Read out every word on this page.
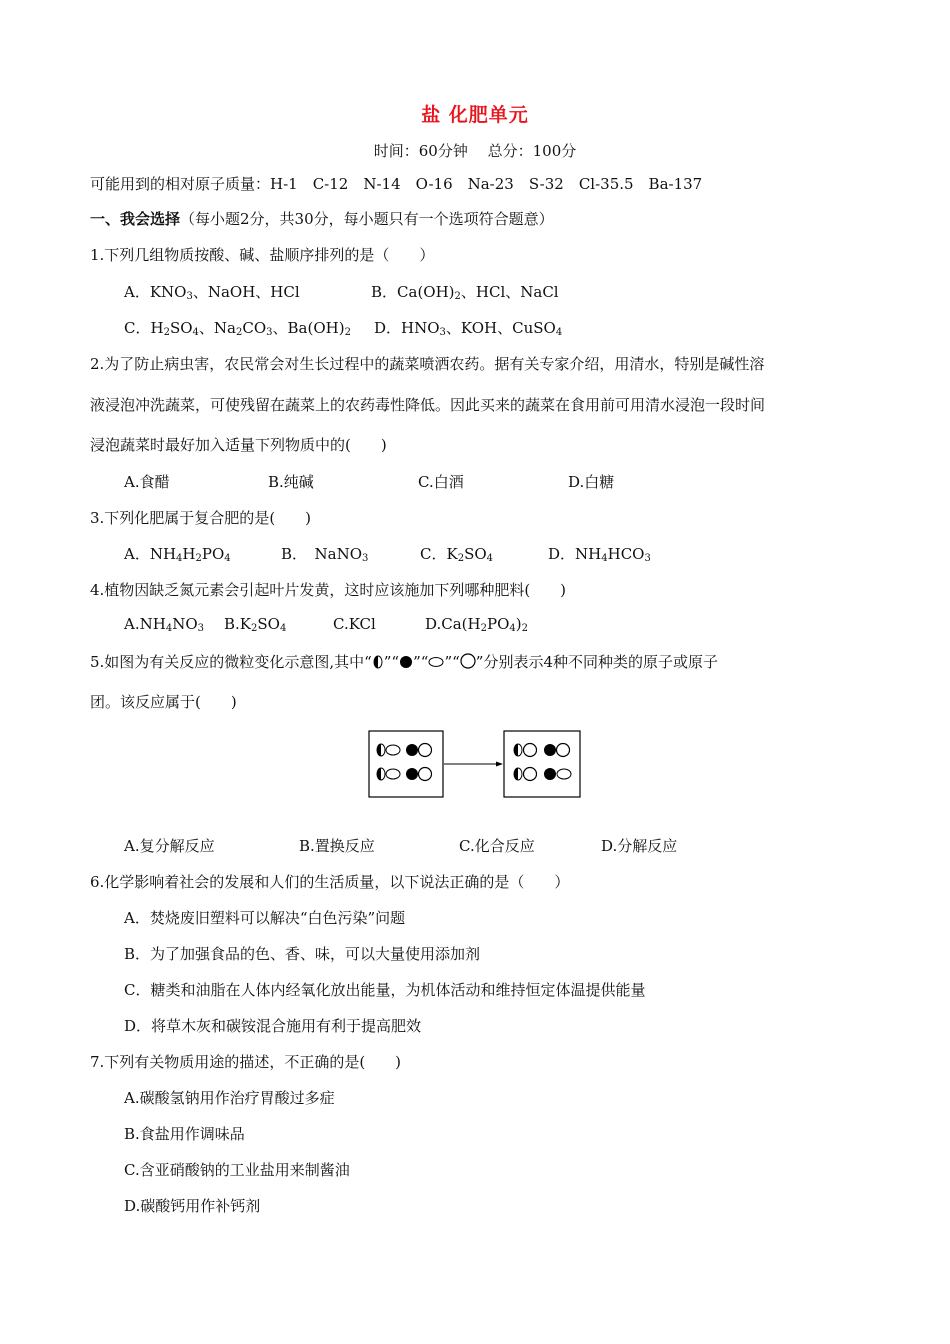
盐 化肥单元
时间：60分钟　 总分：100分
可能用到的相对原子质量：H-1　C-12　N-14　O-16　Na-23　S-32　Cl-35.5　Ba-137
一、我会选择（每小题2分，共30分，每小题只有一个选项符合题意）
1.下列几组物质按酸、碱、盐顺序排列的是（　　）
A．$KNO_3$、NaOH、HCl	B．$Ca(OH)_2$、HCl、NaCl
C．$H_2SO_4$、$Na_2CO_3$、$Ba(OH)_2$ D．$HNO_3$、KOH、CuSO$_4$
2.为了防止病虫害，农民常会对生长过程中的蔬菜喷洒农药。据有关专家介绍，用清水，特别是碱性溶
液浸泡冲洗蔬菜，可使残留在蔬菜上的农药毒性降低。因此买来的蔬菜在食用前可用清水浸泡一段时间
浸泡蔬菜时最好加入适量下列物质中的(　　)
A.食醋	B.纯碱	C.白酒	D.白糖
3.下列化肥属于复合肥的是(　　)
A．$NH_4H_2PO_4$	B．　NaNO$_3$	C．$K_2SO_4$	D．$NH_4HCO_3$
4.植物因缺乏氮元素会引起叶片发黄，这时应该施加下列哪种肥料(　　)
$A.NH_4NO_3$ $B.K_2SO_4$	C.KCl	$D.Ca(H_2PO_4)_2$
5.如图为有关反应的微粒变化示意图,其中“ ”“ ”“ ”“ ”分别表示4种不同种类的原子或原子
团。该反应属于(　　)
A.复分解反应	B.置换反应	C.化合反应	D.分解反应
6.化学影响着社会的发展和人们的生活质量，以下说法正确的是（　　）
A．焚烧废旧塑料可以解决“白色污染”问题
B．为了加强食品的色、香、味，可以大量使用添加剂
C．糖类和油脂在人体内经氧化放出能量，为机体活动和维持恒定体温提供能量
D．将草木灰和碳铵混合施用有利于提高肥效
7.下列有关物质用途的描述，不正确的是(　　)
A.碳酸氢钠用作治疗胃酸过多症
B.食盐用作调味品
C.含亚硝酸钠的工业盐用来制酱油
D.碳酸钙用作补钙剂
